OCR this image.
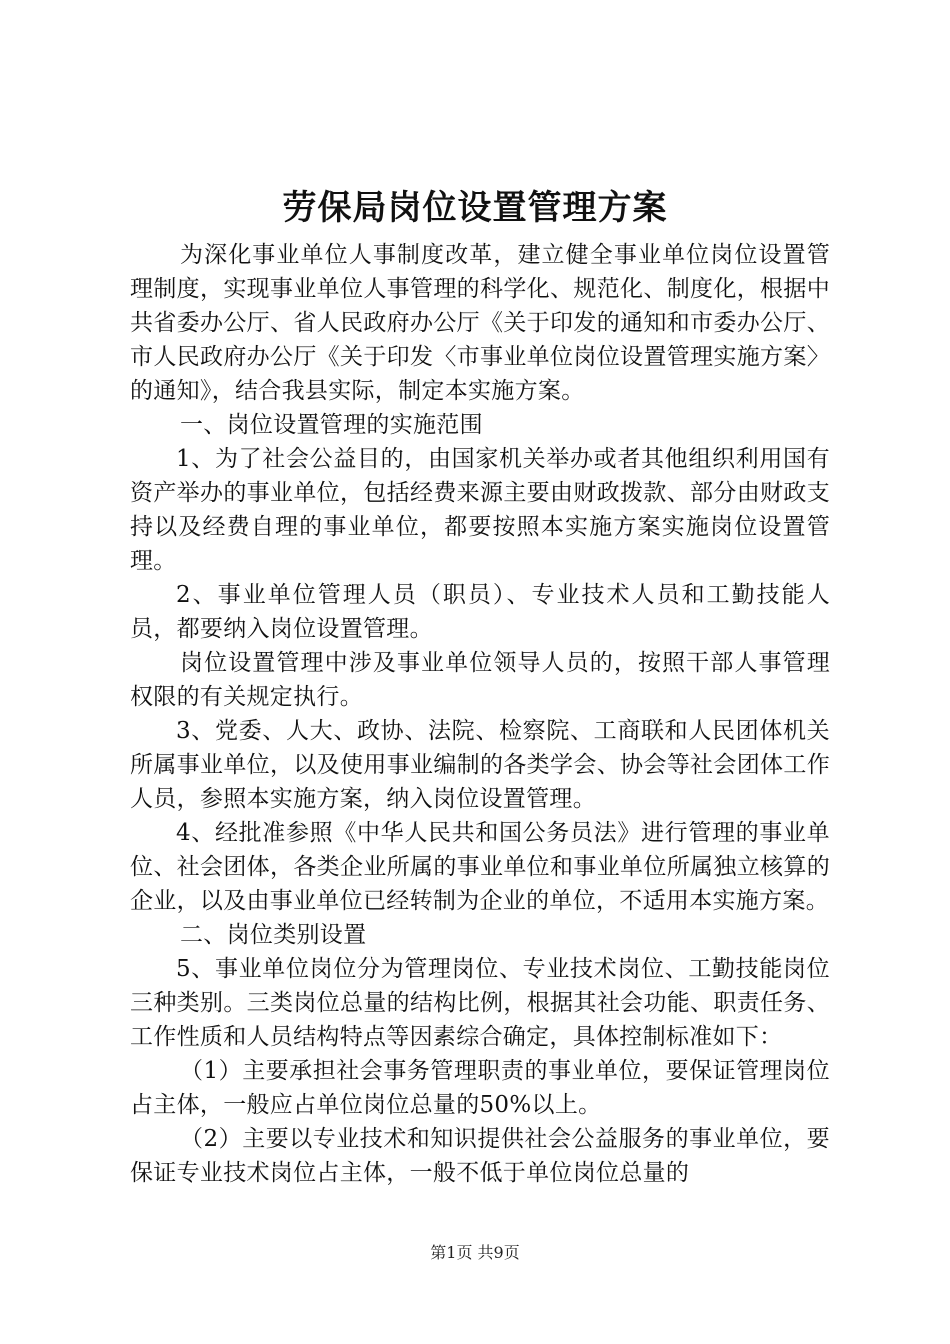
劳保局岗位设置管理方案

为深化事业单位人事制度改革，建立健全事业单位岗位设置管理制度，实现事业单位人事管理的科学化、规范化、制度化，根据中共省委办公厅、省人民政府办公厅《关于印发的通知和市委办公厅、市人民政府办公厅《关于印发〈市事业单位岗位设置管理实施方案〉的通知》，结合我县实际，制定本实施方案。

一、岗位设置管理的实施范围

1、为了社会公益目的，由国家机关举办或者其他组织利用国有资产举办的事业单位，包括经费来源主要由财政拨款、部分由财政支持以及经费自理的事业单位，都要按照本实施方案实施岗位设置管理。

2、事业单位管理人员（职员）、专业技术人员和工勤技能人员，都要纳入岗位设置管理。

岗位设置管理中涉及事业单位领导人员的，按照干部人事管理权限的有关规定执行。

3、党委、人大、政协、法院、检察院、工商联和人民团体机关所属事业单位，以及使用事业编制的各类学会、协会等社会团体工作人员，参照本实施方案，纳入岗位设置管理。

4、经批准参照《中华人民共和国公务员法》进行管理的事业单位、社会团体，各类企业所属的事业单位和事业单位所属独立核算的企业，以及由事业单位已经转制为企业的单位，不适用本实施方案。

二、岗位类别设置

5、事业单位岗位分为管理岗位、专业技术岗位、工勤技能岗位三种类别。三类岗位总量的结构比例，根据其社会功能、职责任务、工作性质和人员结构特点等因素综合确定，具体控制标准如下：

（1）主要承担社会事务管理职责的事业单位，要保证管理岗位占主体，一般应占单位岗位总量的50%以上。

（2）主要以专业技术和知识提供社会公益服务的事业单位，要保证专业技术岗位占主体，一般不低于单位岗位总量的

第1页 共9页
